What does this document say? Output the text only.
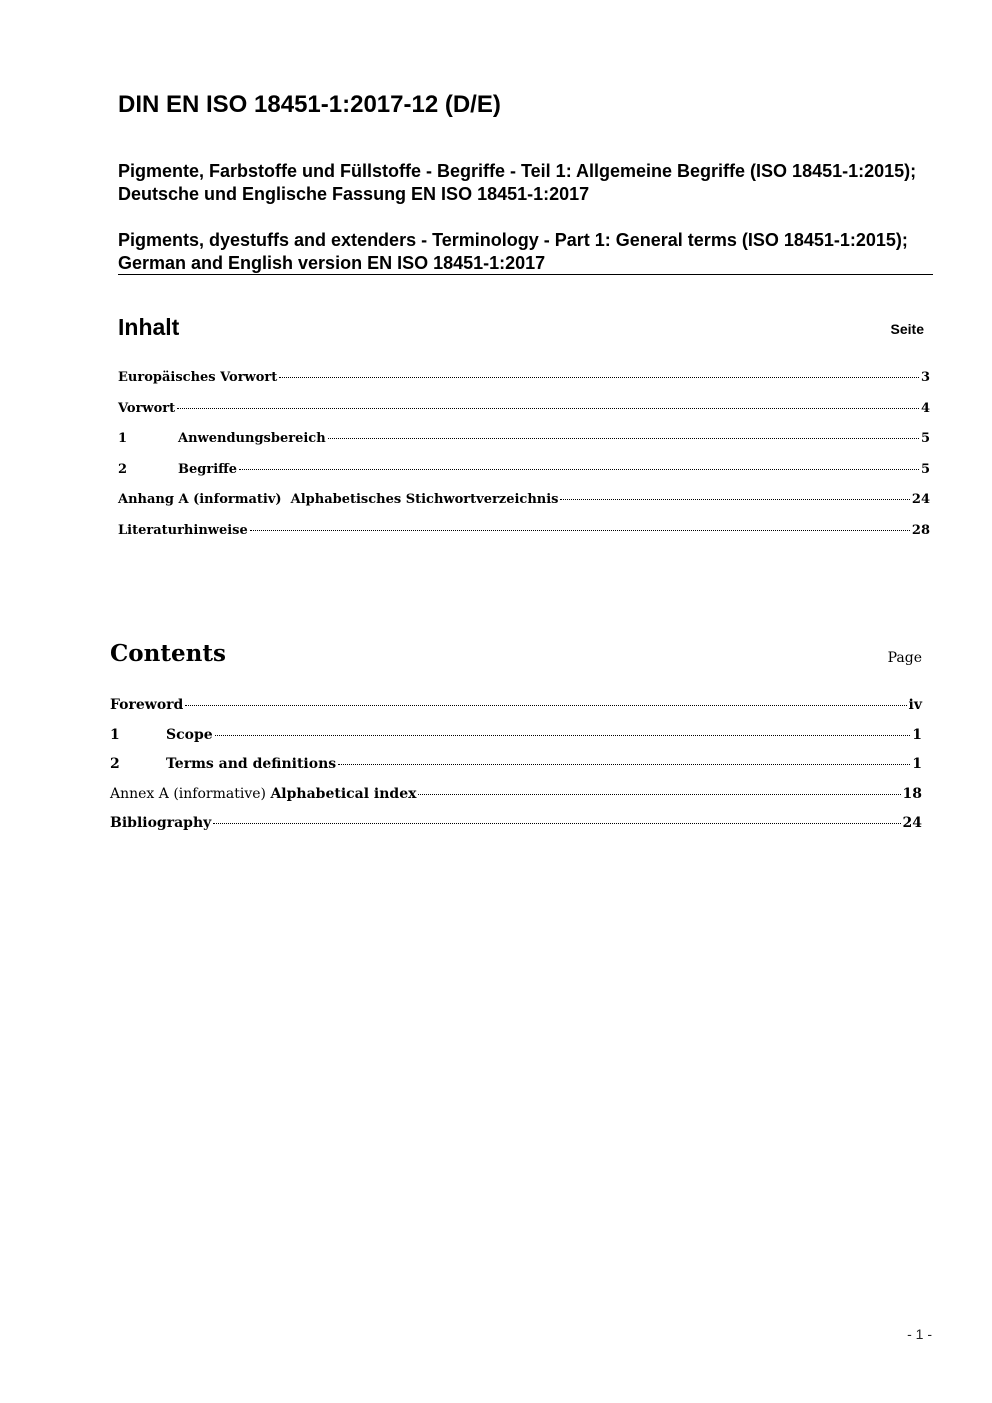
DIN EN ISO 18451-1:2017-12 (D/E)

Pigmente, Farbstoffe und Füllstoffe - Begriffe - Teil 1: Allgemeine Begriffe (ISO 18451-1:2015); Deutsche und Englische Fassung EN ISO 18451-1:2017

Pigments, dyestuffs and extenders - Terminology - Part 1: General terms (ISO 18451-1:2015); German and English version EN ISO 18451-1:2017

Inhalt	Seite
Europäisches Vorwort	3
Vorwort	4
1	Anwendungsbereich	5
2	Begriffe	5
Anhang A (informativ)  Alphabetisches Stichwortverzeichnis	24
Literaturhinweise	28
Contents	Page
Foreword	iv
1	Scope	1
2	Terms and definitions	1
Annex A (informative) Alphabetical index	18
Bibliography	24
- 1 -
